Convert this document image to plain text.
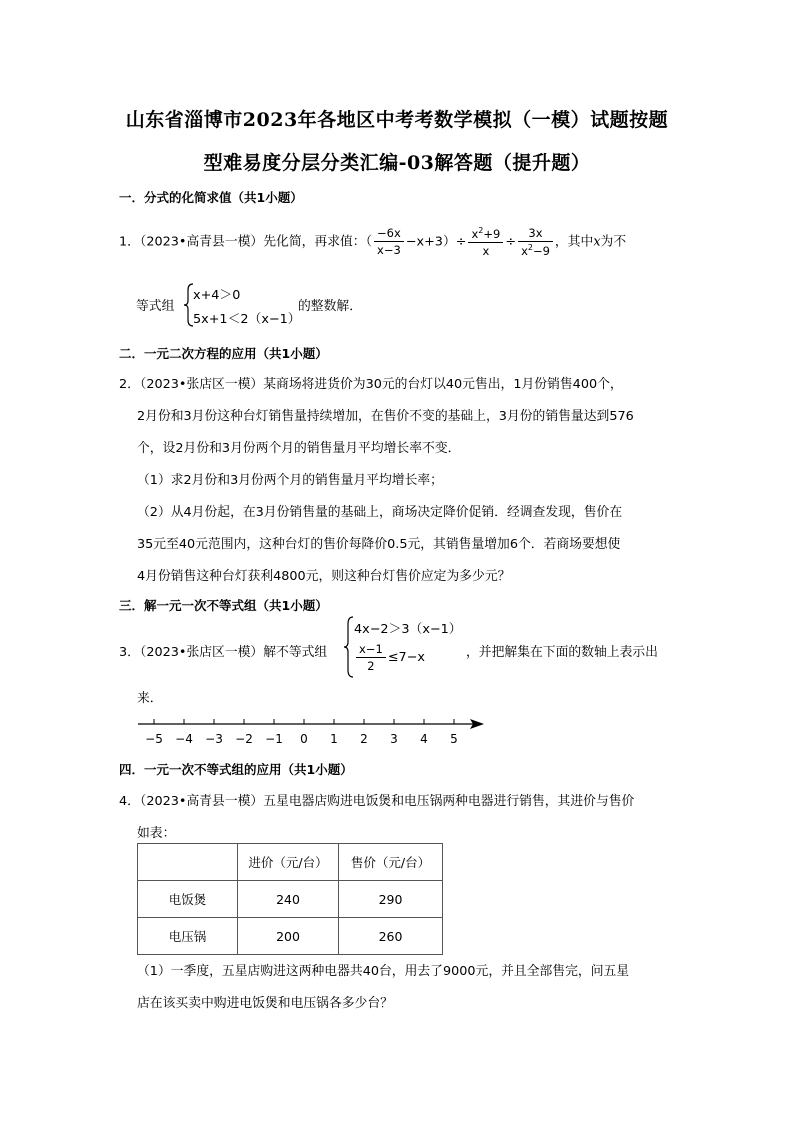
山东省淄博市2023年各地区中考考数学模拟（一模）试题按题
型难易度分层分类汇编-03解答题（提升题）
一．分式的化简求值（共1小题）
1．（2023•高青县一模）先化简，再求值：（ $\frac{-6x}{x-3} -x+3)\div \frac{x^2+9}{x} \div \frac{3x}{x^2-9}$ ，其中x为不
等式组
x+4＞0
5x+1＜2（x−1）
的整数解．
二．一元二次方程的应用（共1小题）
2．（2023•张店区一模）某商场将进货价为30元的台灯以40元售出，1月份销售400个，
2月份和3月份这种台灯销售量持续增加，在售价不变的基础上，3月份的销售量达到576
个，设2月份和3月份两个月的销售量月平均增长率不变．
（1）求2月份和3月份两个月的销售量月平均增长率；
（2）从4月份起，在3月份销售量的基础上，商场决定降价促销．经调查发现，售价在
35元至40元范围内，这种台灯的售价每降价0.5元，其销售量增加6个．若商场要想使
4月份销售这种台灯获利4800元，则这种台灯售价应定为多少元？
三．解一元一次不等式组（共1小题）
3．（2023•张店区一模）解不等式组
4x−2＞3（x−1）
$\frac{x-1}{2} \le 7-x$	，并把解集在下面的数轴上表示出
来．
−5 −4 −3 −2 −1 0 1 2 3 4 5
四．一元一次不等式组的应用（共1小题）
4．（2023•高青县一模）五星电器店购进电饭煲和电压锅两种电器进行销售，其进价与售价
如表：
	进价（元/台）	售价（元/台）
电饭煲	240	290
电压锅	200	260
（1）一季度，五星店购进这两种电器共40台，用去了9000元，并且全部售完，问五星
店在该买卖中购进电饭煲和电压锅各多少台？
